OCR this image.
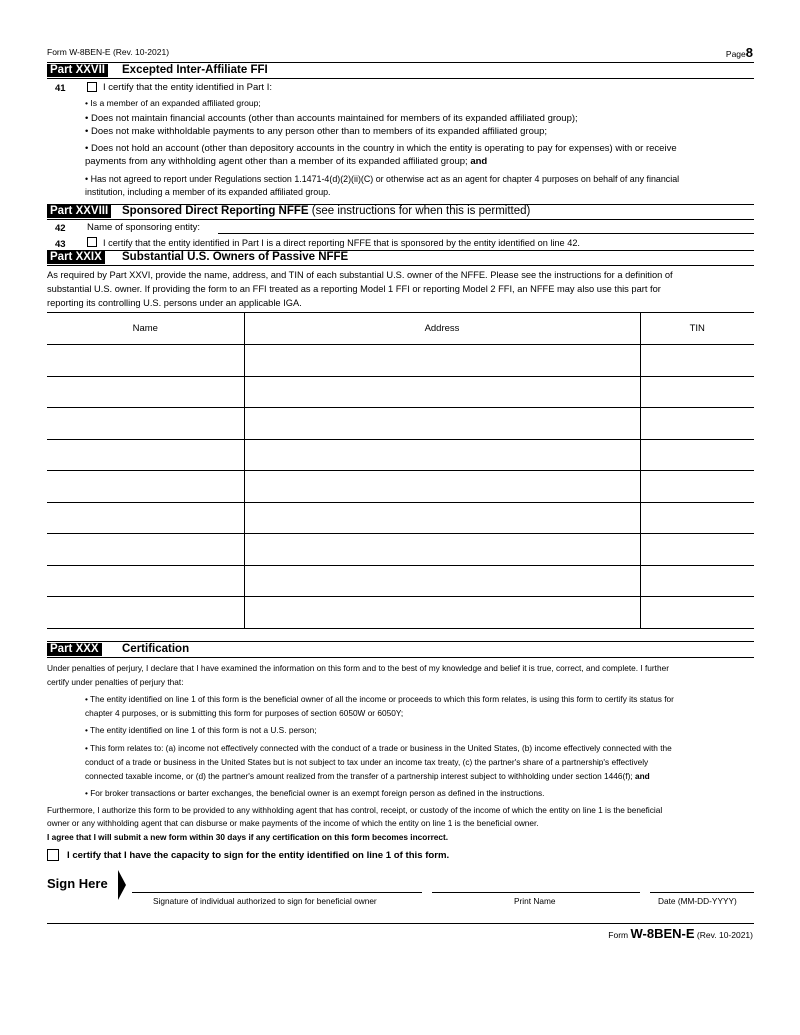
Form W-8BEN-E (Rev. 10-2021)	Page8
Part XXVII Excepted Inter-Affiliate FFI
41	I certify that the entity identified in Part I:
• Is a member of an expanded affiliated group;
• Does not maintain financial accounts (other than accounts maintained for members of its expanded affiliated group);
• Does not make withholdable payments to any person other than to members of its expanded affiliated group;
• Does not hold an account (other than depository accounts in the country in which the entity is operating to pay for expenses) with or receive
payments from any withholding agent other than a member of its expanded affiliated group; and
• Has not agreed to report under Regulations section 1.1471-4(d)(2)(ii)(C) or otherwise act as an agent for chapter 4 purposes on behalf of any financial
institution, including a member of its expanded affiliated group.
Part XXVIII Sponsored Direct Reporting NFFE (see instructions for when this is permitted)
42 Name of sponsoring entity:
43	I certify that the entity identified in Part I is a direct reporting NFFE that is sponsored by the entity identified on line 42.
Part XXIX Substantial U.S. Owners of Passive NFFE
As required by Part XXVI, provide the name, address, and TIN of each substantial U.S. owner of the NFFE. Please see the instructions for a definition of
substantial U.S. owner. If providing the form to an FFI treated as a reporting Model 1 FFI or reporting Model 2 FFI, an NFFE may also use this part for
reporting its controlling U.S. persons under an applicable IGA.
Name	Address	TIN

Part XXX Certification
Under penalties of perjury, I declare that I have examined the information on this form and to the best of my knowledge and belief it is true, correct, and complete. I further
certify under penalties of perjury that:
• The entity identified on line 1 of this form is the beneficial owner of all the income or proceeds to which this form relates, is using this form to certify its status for
chapter 4 purposes, or is submitting this form for purposes of section 6050W or 6050Y;
• The entity identified on line 1 of this form is not a U.S. person;
• This form relates to: (a) income not effectively connected with the conduct of a trade or business in the United States, (b) income effectively connected with the
conduct of a trade or business in the United States but is not subject to tax under an income tax treaty, (c) the partner's share of a partnership's effectively
connected taxable income, or (d) the partner's amount realized from the transfer of a partnership interest subject to withholding under section 1446(f); and
• For broker transactions or barter exchanges, the beneficial owner is an exempt foreign person as defined in the instructions.
Furthermore, I authorize this form to be provided to any withholding agent that has control, receipt, or custody of the income of which the entity on line 1 is the beneficial
owner or any withholding agent that can disburse or make payments of the income of which the entity on line 1 is the beneficial owner.
I agree that I will submit a new form within 30 days if any certification on this form becomes incorrect.
I certify that I have the capacity to sign for the entity identified on line 1 of this form.
Sign Here
Signature of individual authorized to sign for beneficial owner	Print Name	Date (MM-DD-YYYY)
Form W-8BEN-E (Rev. 10-2021)
